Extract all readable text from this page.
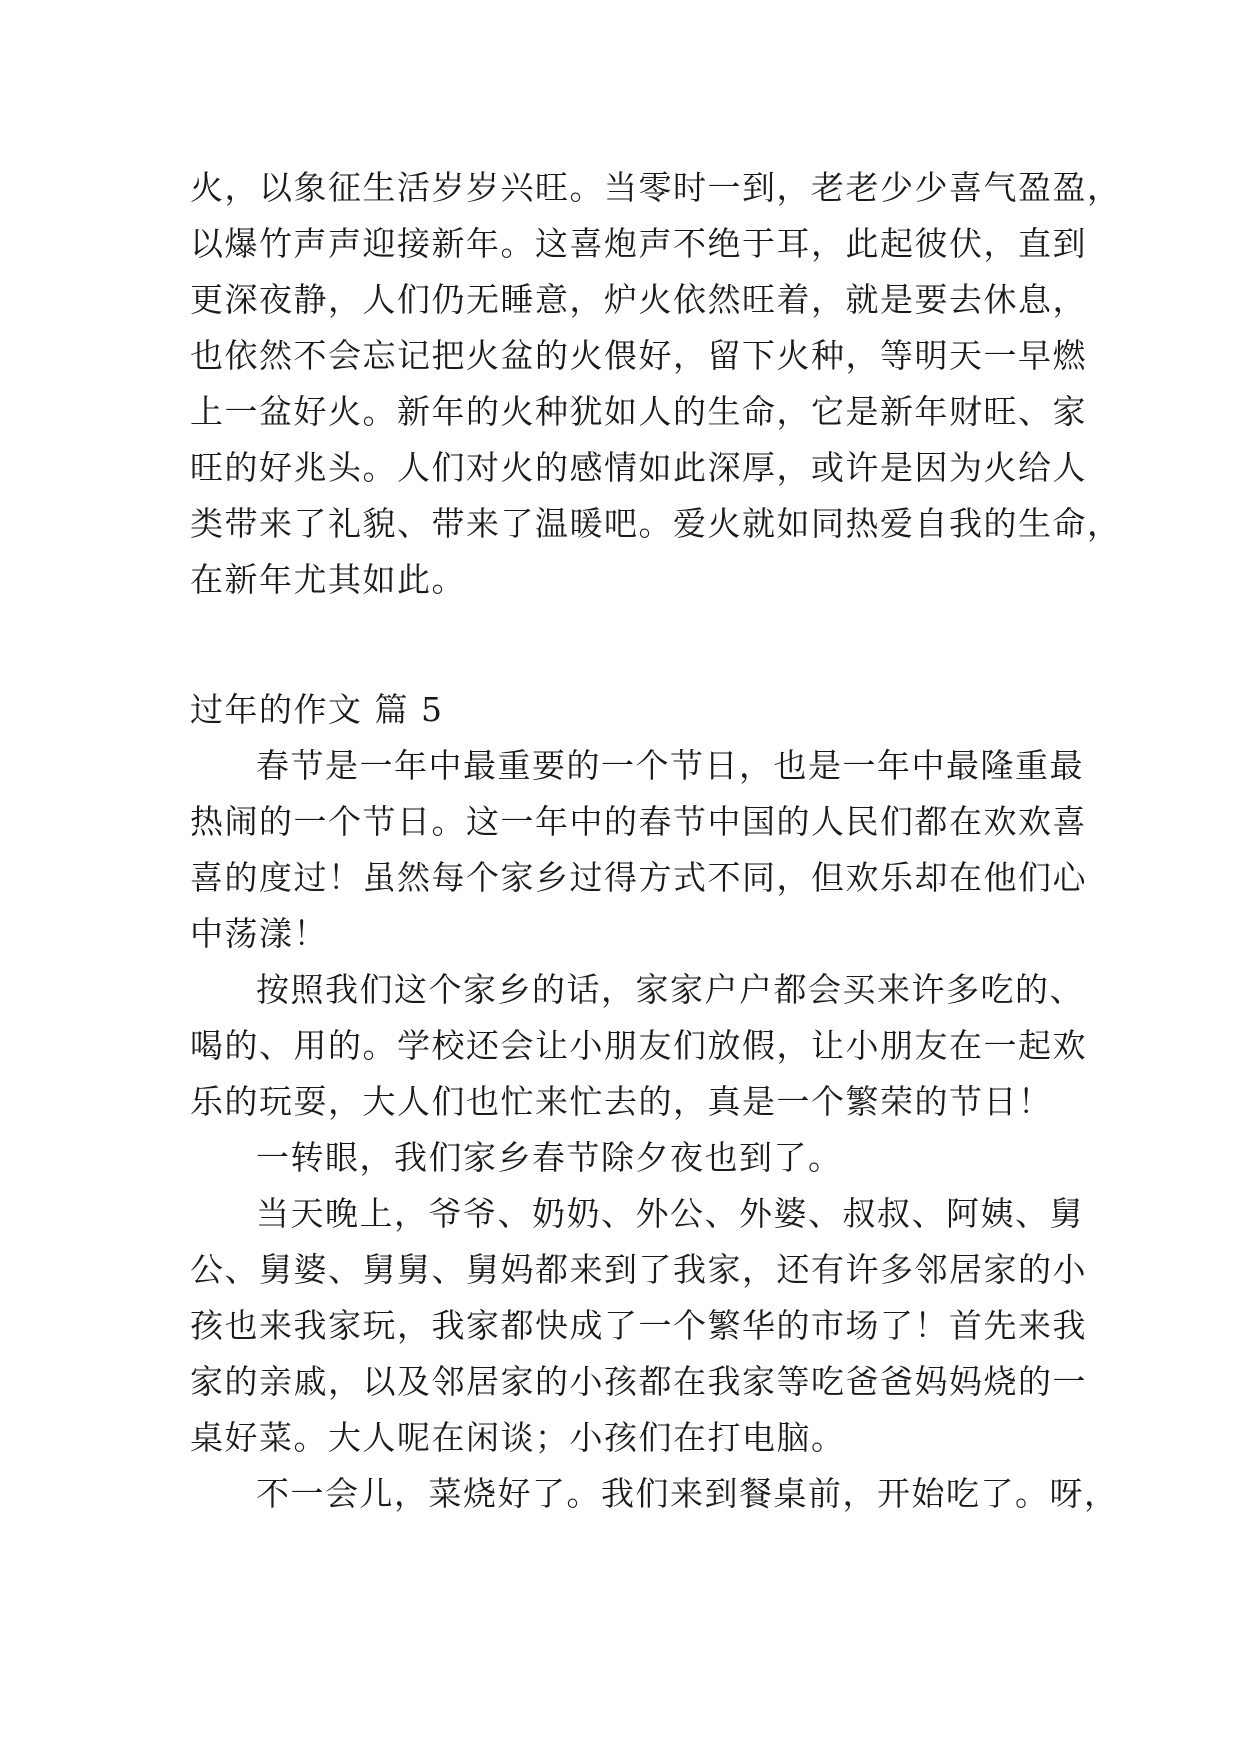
火，以象征生活岁岁兴旺。当零时一到，老老少少喜气盈盈，
以爆竹声声迎接新年。这喜炮声不绝于耳，此起彼伏，直到
更深夜静，人们仍无睡意，炉火依然旺着，就是要去休息，
也依然不会忘记把火盆的火偎好，留下火种，等明天一早燃
上一盆好火。新年的火种犹如人的生命，它是新年财旺、家
旺的好兆头。人们对火的感情如此深厚，或许是因为火给人
类带来了礼貌、带来了温暖吧。爱火就如同热爱自我的生命，
在新年尤其如此。
过年的作文 篇 5
春节是一年中最重要的一个节日，也是一年中最隆重最
热闹的一个节日。这一年中的春节中国的人民们都在欢欢喜
喜的度过！虽然每个家乡过得方式不同，但欢乐却在他们心
中荡漾！
按照我们这个家乡的话，家家户户都会买来许多吃的、
喝的、用的。学校还会让小朋友们放假，让小朋友在一起欢
乐的玩耍，大人们也忙来忙去的，真是一个繁荣的节日！
一转眼，我们家乡春节除夕夜也到了。
当天晚上，爷爷、奶奶、外公、外婆、叔叔、阿姨、舅
公、舅婆、舅舅、舅妈都来到了我家，还有许多邻居家的小
孩也来我家玩，我家都快成了一个繁华的市场了！首先来我
家的亲戚，以及邻居家的小孩都在我家等吃爸爸妈妈烧的一
桌好菜。大人呢在闲谈；小孩们在打电脑。
不一会儿，菜烧好了。我们来到餐桌前，开始吃了。呀，
